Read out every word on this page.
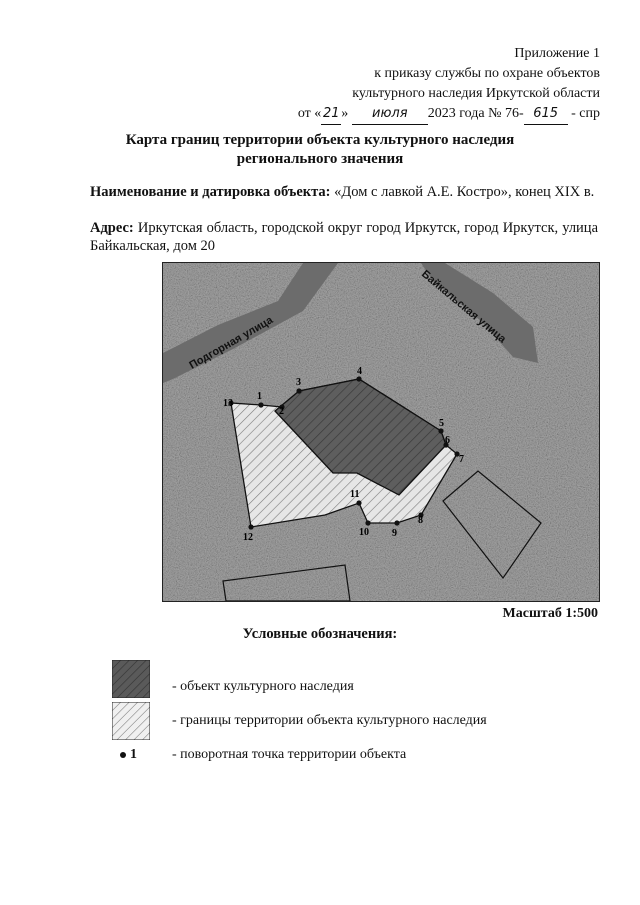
Приложение 1
к приказу службы по охране объектов
культурного наследия Иркутской области
от « 21 » июля 2023 года № 76- 615 - спр
Карта границ территории объекта культурного наследия
регионального значения
Наименование и датировка объекта: «Дом с лавкой А.Е. Костро», конец XIX в.
Адрес: Иркутская область, городской округ город Иркутск, город Иркутск, улица Байкальская, дом 20
Подгорная улица	Байкальская улица
1
2
3
4
5
6
7
8
9
10
11
12
13
Масштаб 1:500
Условные обозначения:
- объект культурного наследия
- границы территории объекта культурного наследия
1	- поворотная точка территории объекта
